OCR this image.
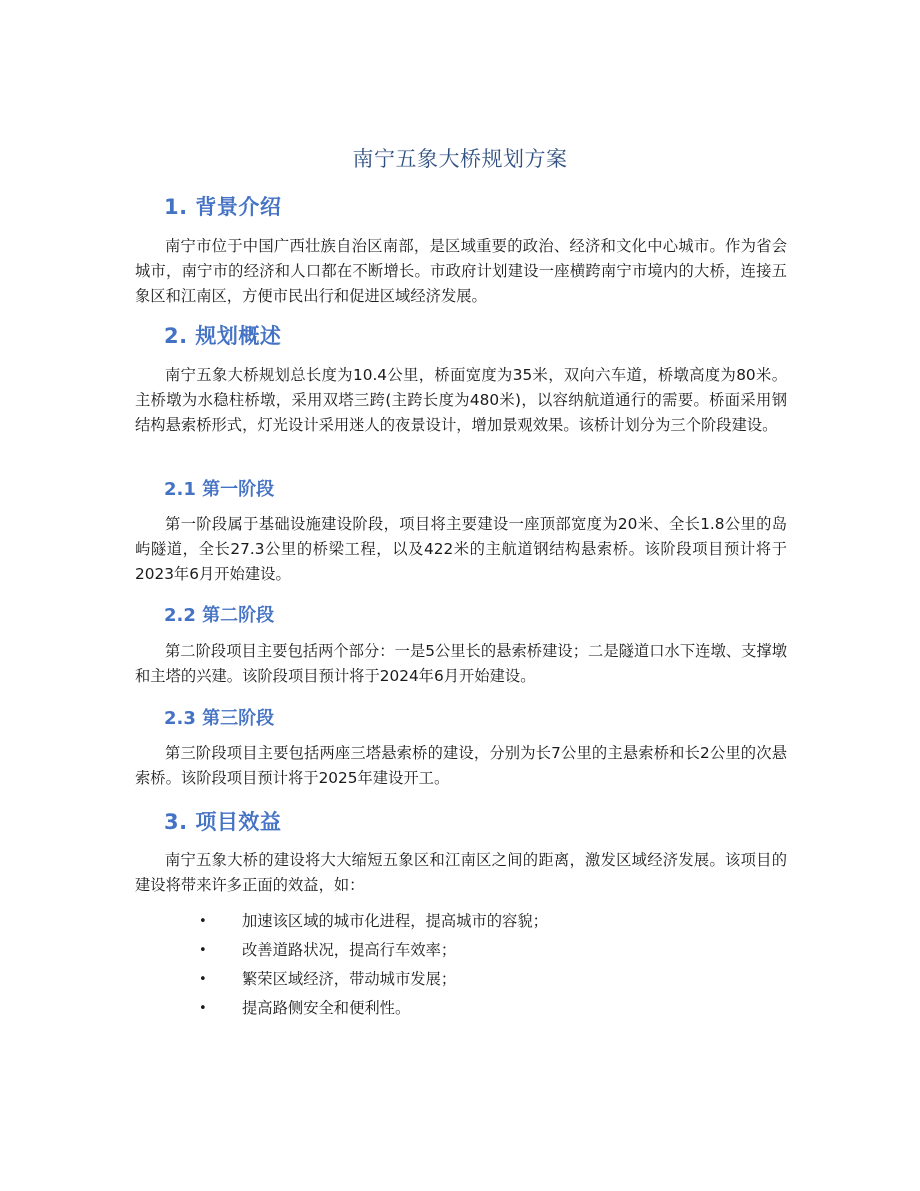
南宁五象大桥规划方案
1. 背景介绍
南宁市位于中国广西壮族自治区南部，是区域重要的政治、经济和文化中心城市。作为省会城市，南宁市的经济和人口都在不断增长。市政府计划建设一座横跨南宁市境内的大桥，连接五象区和江南区，方便市民出行和促进区域经济发展。
2. 规划概述
南宁五象大桥规划总长度为10.4公里，桥面宽度为35米，双向六车道，桥墩高度为80米。主桥墩为水稳柱桥墩，采用双塔三跨(主跨长度为480米)，以容纳航道通行的需要。桥面采用钢结构悬索桥形式，灯光设计采用迷人的夜景设计，增加景观效果。该桥计划分为三个阶段建设。
2.1 第一阶段
第一阶段属于基础设施建设阶段，项目将主要建设一座顶部宽度为20米、全长1.8公里的岛屿隧道，全长27.3公里的桥梁工程，以及422米的主航道钢结构悬索桥。该阶段项目预计将于2023年6月开始建设。
2.2 第二阶段
第二阶段项目主要包括两个部分：一是5公里长的悬索桥建设；二是隧道口水下连墩、支撑墩和主塔的兴建。该阶段项目预计将于2024年6月开始建设。
2.3 第三阶段
第三阶段项目主要包括两座三塔悬索桥的建设，分别为长7公里的主悬索桥和长2公里的次悬索桥。该阶段项目预计将于2025年建设开工。
3. 项目效益
南宁五象大桥的建设将大大缩短五象区和江南区之间的距离，激发区域经济发展。该项目的建设将带来许多正面的效益，如：
• 加速该区域的城市化进程，提高城市的容貌；
• 改善道路状况，提高行车效率；
• 繁荣区域经济，带动城市发展；
• 提高路侧安全和便利性。
